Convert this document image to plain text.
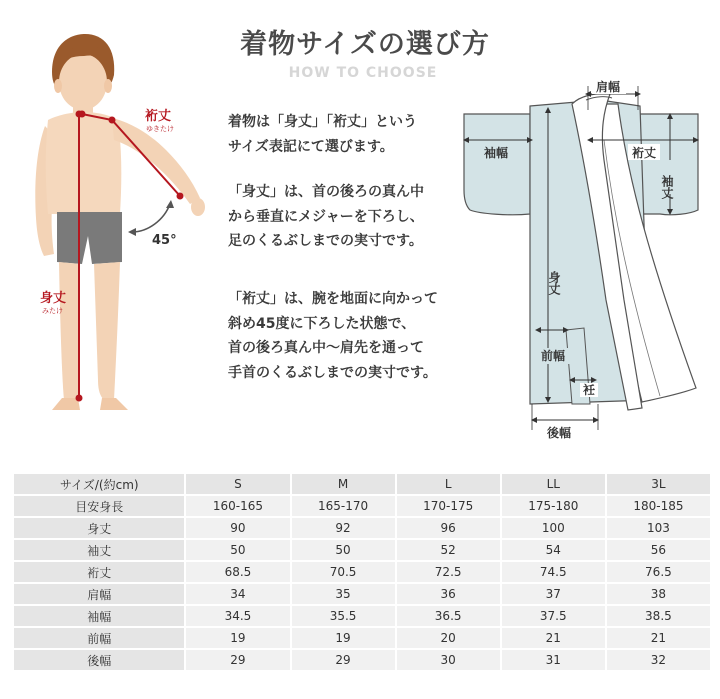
着物サイズの選び方
HOW TO CHOOSE
裄丈
ゆきたけ
45°
身丈
みたけ
着物は「身丈」「裄丈」という
サイズ表記にて選びます。
「身丈」は、首の後ろの真ん中
から垂直にメジャーを下ろし、
足のくるぶしまでの実寸です。
「裄丈」は、腕を地面に向かって
斜め45度に下ろした状態で、
首の後ろ真ん中〜肩先を通って
手首のくるぶしまでの実寸です。
肩幅
袖幅	裄丈
袖丈
身丈
前幅
衽
後幅
サイズ/(約cm)	S	M	L	LL	3L
目安身長	160-165	165-170	170-175	175-180	180-185
身丈	90	92	96	100	103
袖丈	50	50	52	54	56
裄丈	68.5	70.5	72.5	74.5	76.5
肩幅	34	35	36	37	38
袖幅	34.5	35.5	36.5	37.5	38.5
前幅	19	19	20	21	21
後幅	29	29	30	31	32
